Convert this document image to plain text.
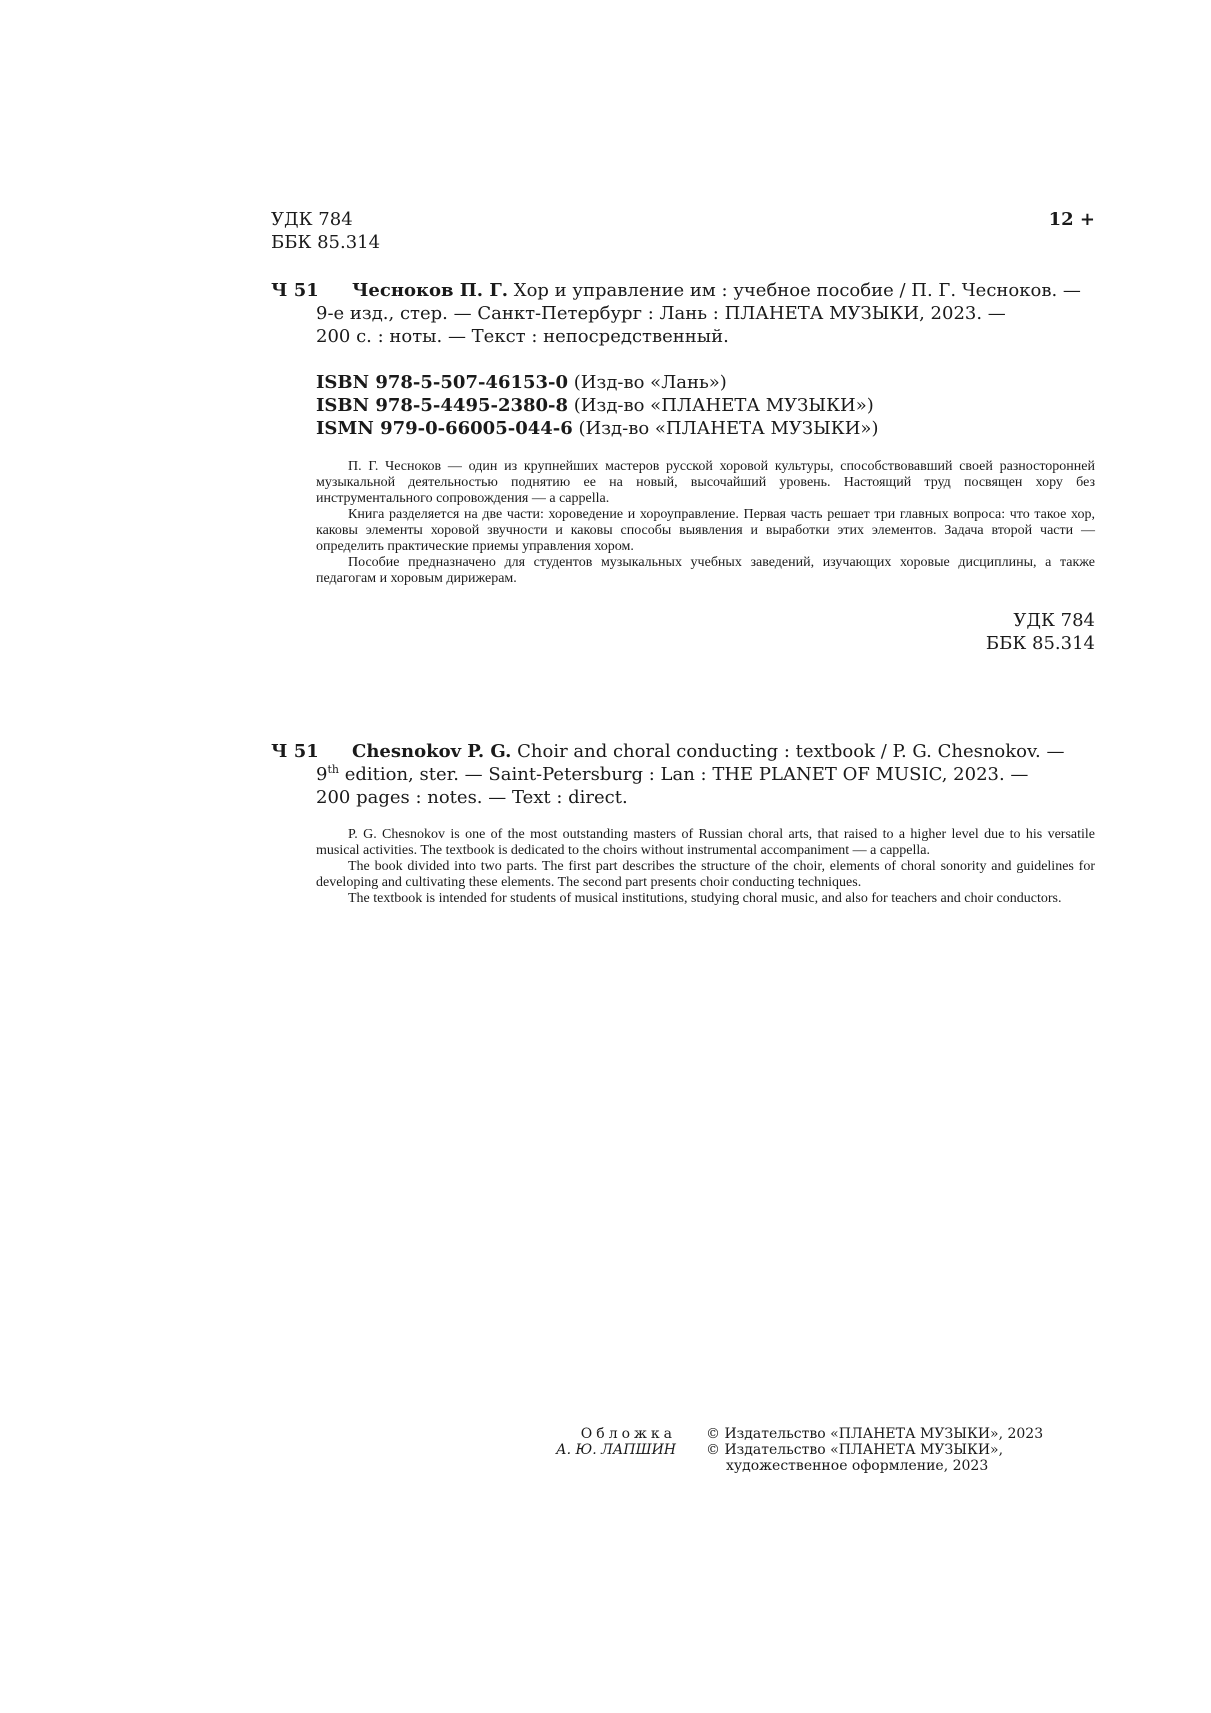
УДК 784
ББК 85.314
12 +
Ч 51 Чесноков П. Г. Хор и управление им : учебное пособие / П. Г. Чесноков. —
9-е изд., стер. — Санкт-Петербург : Лань : ПЛАНЕТА МУЗЫКИ, 2023. —
200 с. : ноты. — Текст : непосредственный.
ISBN 978-5-507-46153-0 (Изд-во «Лань»)
ISBN 978-5-4495-2380-8 (Изд-во «ПЛАНЕТА МУЗЫКИ»)
ISMN 979-0-66005-044-6 (Изд-во «ПЛАНЕТА МУЗЫКИ»)

П. Г. Чесноков — один из крупнейших мастеров русской хоровой культуры, способствовавший своей разносторонней музыкальной деятельностью поднятию ее на новый, высочайший уровень. Настоящий труд посвящен хору без инструментального сопровождения — a cappella.

Книга разделяется на две части: хороведение и хороуправление. Первая часть решает три главных вопроса: что такое хор, каковы элементы хоровой звучности и каковы способы выявления и выработки этих элементов. Задача второй части — определить практические приемы управления хором.

Пособие предназначено для студентов музыкальных учебных заведений, изучающих хоровые дисциплины, а также педагогам и хоровым дирижерам.

УДК 784
ББК 85.314
Ч 51 Chesnokov P. G. Choir and choral conducting : textbook / P. G. Chesnokov. —
9th edition, ster. — Saint-Petersburg : Lan : THE PLANET OF MUSIC, 2023. —
200 pages : notes. — Text : direct.

P. G. Chesnokov is one of the most outstanding masters of Russian choral arts, that raised to a higher level due to his versatile musical activities. The textbook is dedicated to the choirs without instrumental accompaniment — a cappella.

The book divided into two parts. The first part describes the structure of the choir, elements of choral sonority and guidelines for developing and cultivating these elements. The second part presents choir conducting techniques.

The textbook is intended for students of musical institutions, studying choral music, and also for teachers and choir conductors.

Обложка
А. Ю. ЛАПШИН
© Издательство «ПЛАНЕТА МУЗЫКИ», 2023
© Издательство «ПЛАНЕТА МУЗЫКИ»,
художественное оформление, 2023
